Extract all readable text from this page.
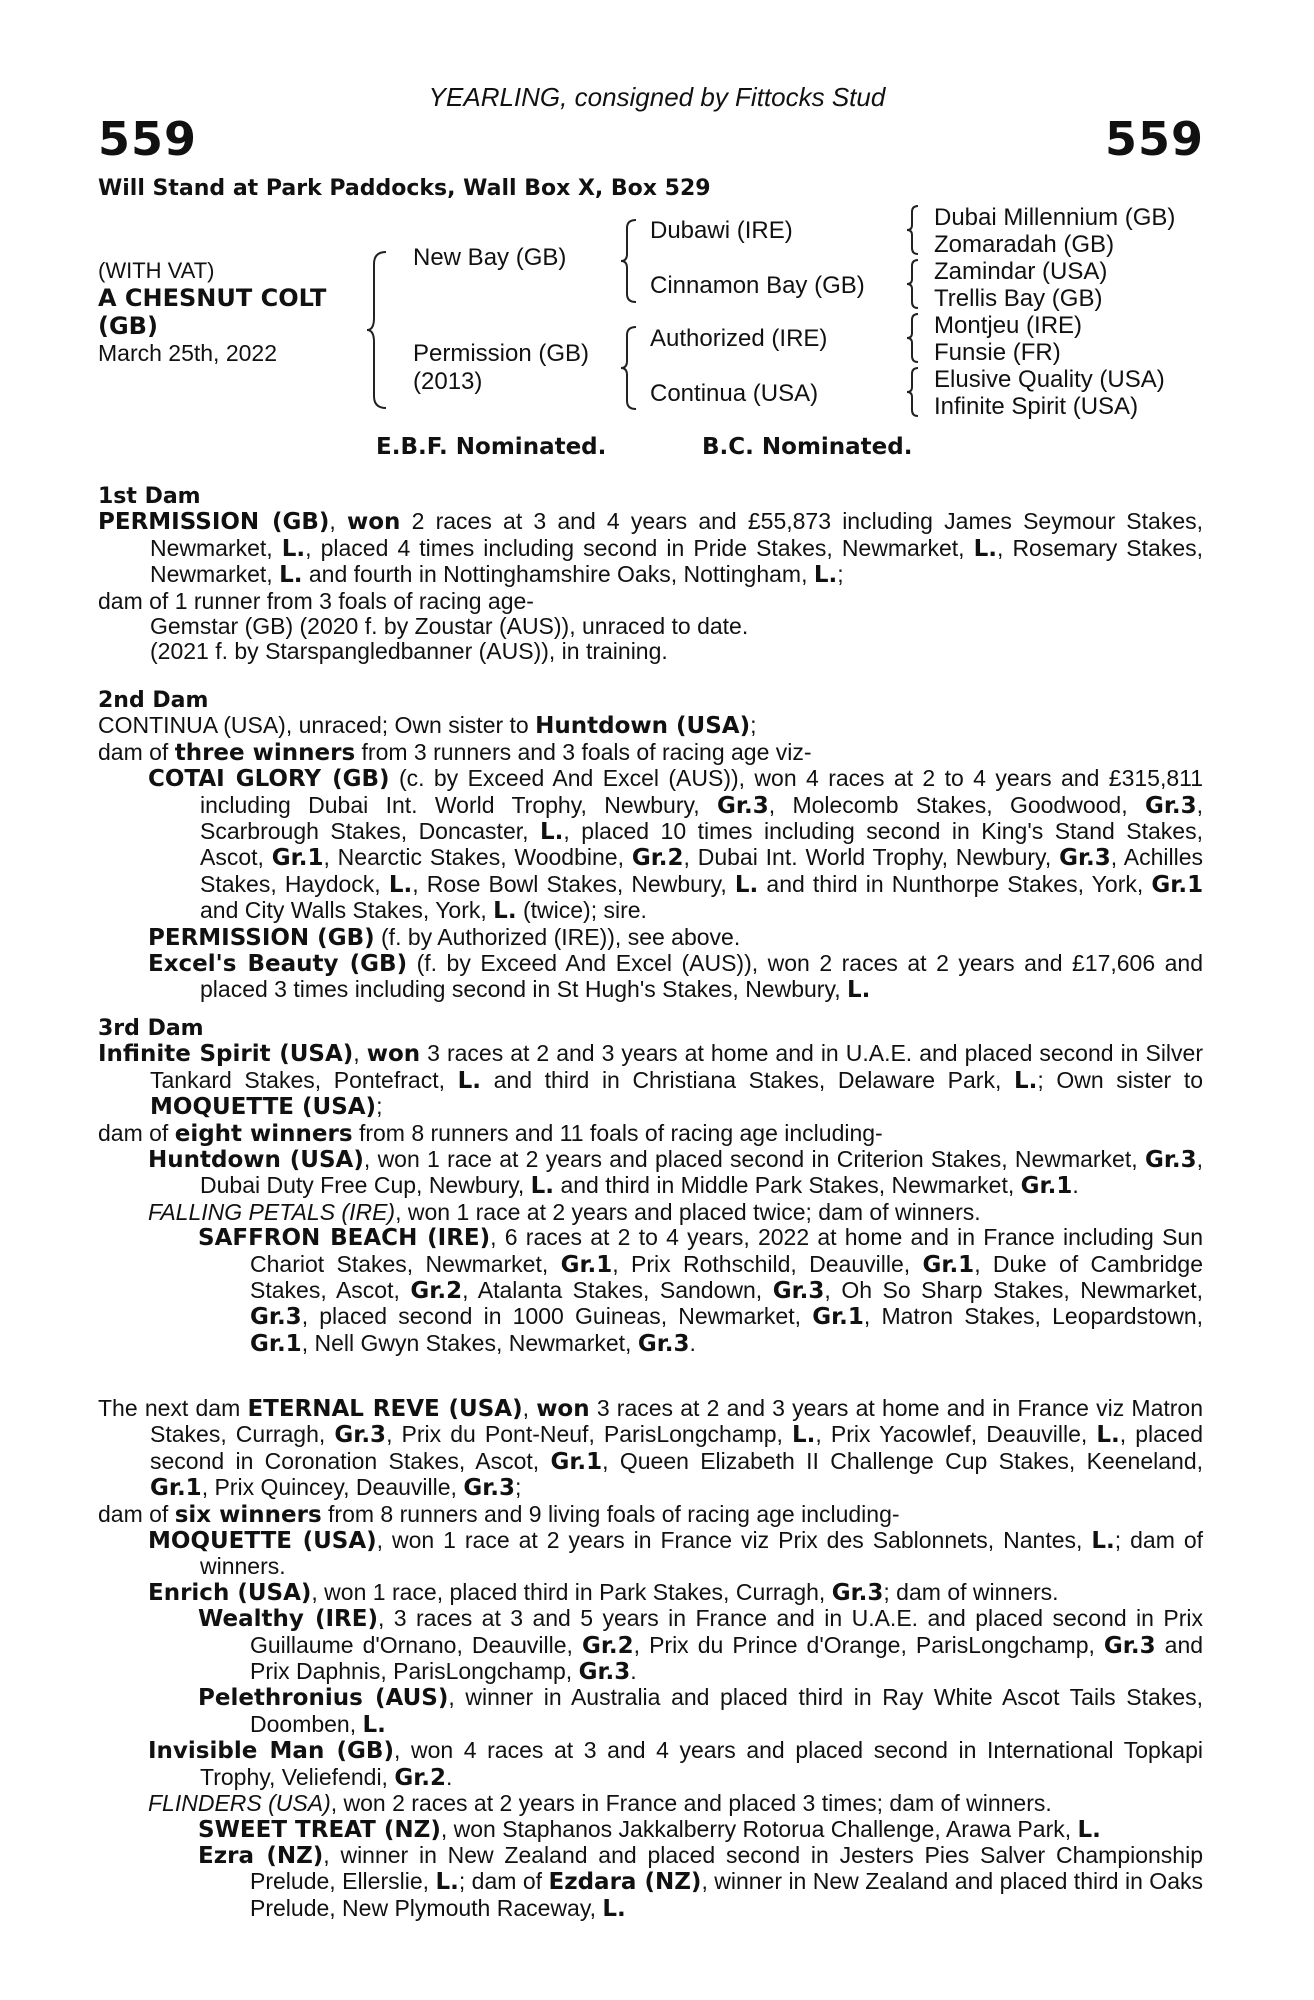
YEARLING, consigned by Fittocks Stud
559	559
Will Stand at Park Paddocks, Wall Box X, Box 529
(WITH VAT)
A CHESNUT COLT
(GB)
March 25th, 2022
New Bay (GB)
Permission (GB)
(2013)
Dubawi (IRE)
Cinnamon Bay (GB)
Authorized (IRE)
Continua (USA)
Dubai Millennium (GB)
Zomaradah (GB)
Zamindar (USA)
Trellis Bay (GB)
Montjeu (IRE)
Funsie (FR)
Elusive Quality (USA)
Infinite Spirit (USA)
E.B.F. Nominated.	B.C. Nominated.
1st Dam

PERMISSION (GB), won 2 races at 3 and 4 years and £55,873 including James Seymour Stakes, Newmarket, L., placed 4 times including second in Pride Stakes, Newmarket, L., Rosemary Stakes, Newmarket, L. and fourth in Nottinghamshire Oaks, Nottingham, L.;

dam of 1 runner from 3 foals of racing age-

Gemstar (GB) (2020 f. by Zoustar (AUS)), unraced to date.

(2021 f. by Starspangledbanner (AUS)), in training.

2nd Dam

CONTINUA (USA), unraced; Own sister to Huntdown (USA);

dam of three winners from 3 runners and 3 foals of racing age viz-

COTAI GLORY (GB) (c. by Exceed And Excel (AUS)), won 4 races at 2 to 4 years and £315,811 including Dubai Int. World Trophy, Newbury, Gr.3, Molecomb Stakes, Goodwood, Gr.3, Scarbrough Stakes, Doncaster, L., placed 10 times including second in King's Stand Stakes, Ascot, Gr.1, Nearctic Stakes, Woodbine, Gr.2, Dubai Int. World Trophy, Newbury, Gr.3, Achilles Stakes, Haydock, L., Rose Bowl Stakes, Newbury, L. and third in Nunthorpe Stakes, York, Gr.1 and City Walls Stakes, York, L. (twice); sire.

PERMISSION (GB) (f. by Authorized (IRE)), see above.

Excel's Beauty (GB) (f. by Exceed And Excel (AUS)), won 2 races at 2 years and £17,606 and placed 3 times including second in St Hugh's Stakes, Newbury, L.

3rd Dam

Infinite Spirit (USA), won 3 races at 2 and 3 years at home and in U.A.E. and placed second in Silver Tankard Stakes, Pontefract, L. and third in Christiana Stakes, Delaware Park, L.; Own sister to MOQUETTE (USA);

dam of eight winners from 8 runners and 11 foals of racing age including-

Huntdown (USA), won 1 race at 2 years and placed second in Criterion Stakes, Newmarket, Gr.3, Dubai Duty Free Cup, Newbury, L. and third in Middle Park Stakes, Newmarket, Gr.1.

FALLING PETALS (IRE), won 1 race at 2 years and placed twice; dam of winners.

SAFFRON BEACH (IRE), 6 races at 2 to 4 years, 2022 at home and in France including Sun Chariot Stakes, Newmarket, Gr.1, Prix Rothschild, Deauville, Gr.1, Duke of Cambridge Stakes, Ascot, Gr.2, Atalanta Stakes, Sandown, Gr.3, Oh So Sharp Stakes, Newmarket, Gr.3, placed second in 1000 Guineas, Newmarket, Gr.1, Matron Stakes, Leopardstown, Gr.1, Nell Gwyn Stakes, Newmarket, Gr.3.

The next dam ETERNAL REVE (USA), won 3 races at 2 and 3 years at home and in France viz Matron Stakes, Curragh, Gr.3, Prix du Pont-Neuf, ParisLongchamp, L., Prix Yacowlef, Deauville, L., placed second in Coronation Stakes, Ascot, Gr.1, Queen Elizabeth II Challenge Cup Stakes, Keeneland, Gr.1, Prix Quincey, Deauville, Gr.3;

dam of six winners from 8 runners and 9 living foals of racing age including-

MOQUETTE (USA), won 1 race at 2 years in France viz Prix des Sablonnets, Nantes, L.; dam of winners.

Enrich (USA), won 1 race, placed third in Park Stakes, Curragh, Gr.3; dam of winners.

Wealthy (IRE), 3 races at 3 and 5 years in France and in U.A.E. and placed second in Prix Guillaume d'Ornano, Deauville, Gr.2, Prix du Prince d'Orange, ParisLongchamp, Gr.3 and Prix Daphnis, ParisLongchamp, Gr.3.

Pelethronius (AUS), winner in Australia and placed third in Ray White Ascot Tails Stakes, Doomben, L.

Invisible Man (GB), won 4 races at 3 and 4 years and placed second in International Topkapi Trophy, Veliefendi, Gr.2.

FLINDERS (USA), won 2 races at 2 years in France and placed 3 times; dam of winners.

SWEET TREAT (NZ), won Staphanos Jakkalberry Rotorua Challenge, Arawa Park, L.

Ezra (NZ), winner in New Zealand and placed second in Jesters Pies Salver Championship Prelude, Ellerslie, L.; dam of Ezdara (NZ), winner in New Zealand and placed third in Oaks Prelude, New Plymouth Raceway, L.
